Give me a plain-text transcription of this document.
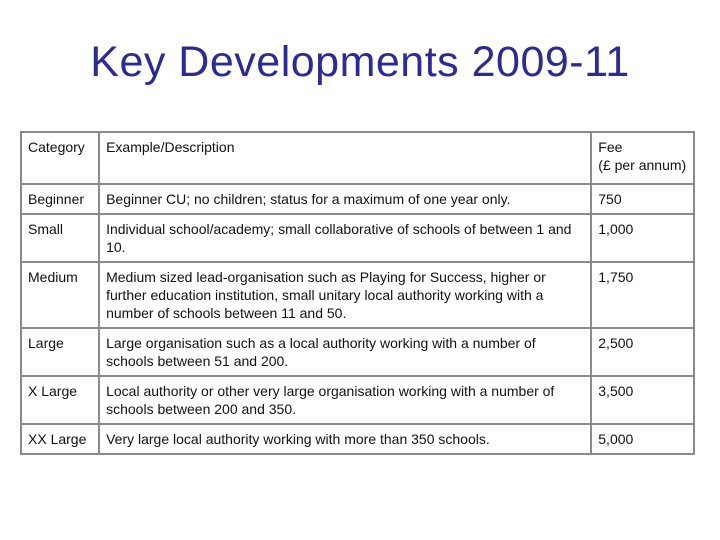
Key Developments 2009-11
Category	Example/Description	Fee
(£ per annum)

Beginner	Beginner CU; no children; status for a maximum of one year only.	750
Small	Individual school/academy; small collaborative of schools of between 1 and 10.	1,000
Medium	Medium sized lead-organisation such as Playing for Success, higher or further education institution, small unitary local authority working with a number of schools between 11 and 50.	1,750
Large	Large organisation such as a local authority working with a number of schools between 51 and 200.	2,500
X Large	Local authority or other very large organisation working with a number of schools between 200 and 350.	3,500
XX Large	Very large local authority working with more than 350 schools.	5,000
